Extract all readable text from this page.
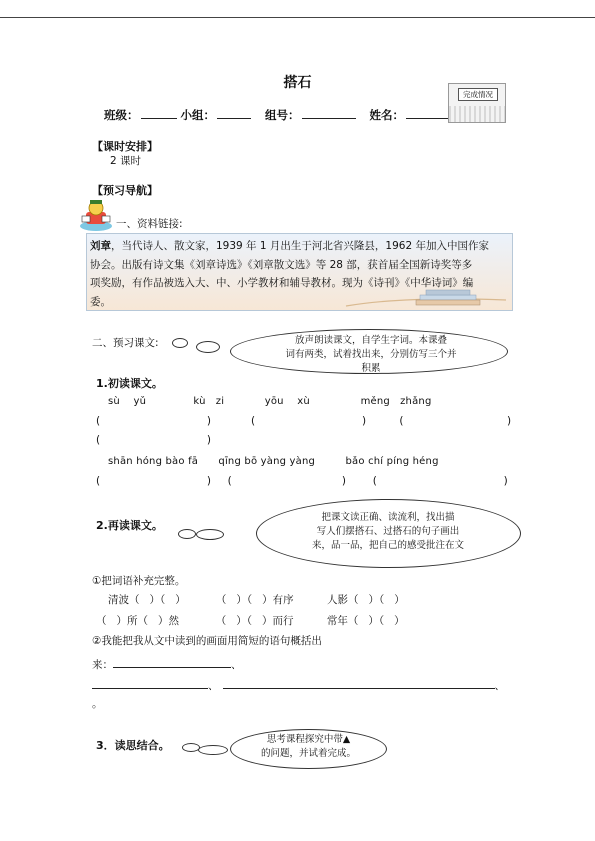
搭石
班级：	小组：	组号：	姓名：
完成情况
【课时安排】
2 课时
【预习导航】
一、资料链接:
刘章，当代诗人、散文家，1939 年 1 月出生于河北省兴隆县，1962 年加入中国作家
协会。出版有诗文集《刘章诗选》《刘章散文选》等 28 部，获首届全国新诗奖等多
项奖励，有作品被选入大、中、小学教材和辅导教材。现为《诗刊》《中华诗词》编
委。
二、预习课文:	放声朗读课文，自学生字词。本课叠
词有两类，试着找出来，分别仿写三个并
积累
1.初读课文。
sù    yǔ              kù   zi            yōu    xù               měng   zhǎng
(                                )            (                                )          (                               )
(                                )
shān hóng bào fā      qīng bō yàng yàng         bǎo chí píng héng
(                                )     (                                 )        (                                      )
2.再读课文。
把课文读正确、读流利，找出描
写人们摆搭石、过搭石的句子画出
来，品一品，把自己的感受批注在文
①把词语补充完整。
清波（   ）（   ）         （   ）（   ）有序          人影（   ）（   ）
（   ）所（   ）然           （   ）（   ）而行          常年（   ）（   ）
②我能把我从文中读到的画面用简短的语句概括出
来：	、
、	、
。
3．读思结合。	思考课程探究中带▲
的问题，并试着完成。
